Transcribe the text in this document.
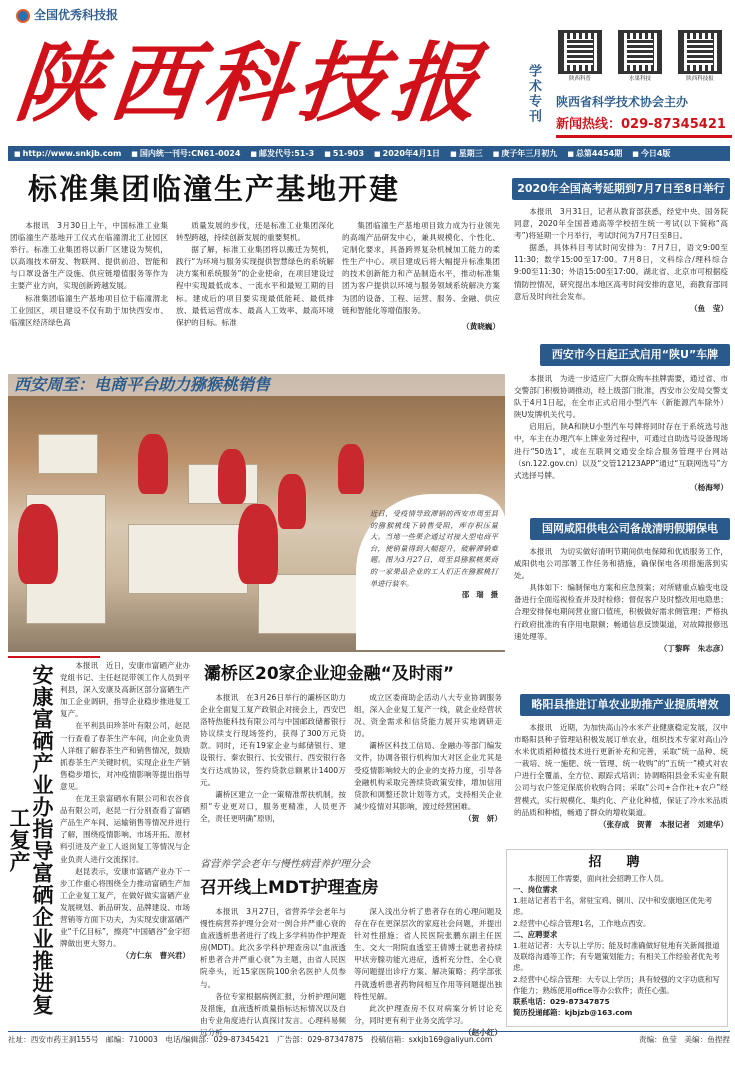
全国优秀科技报
陕西科技报	学术专刊	陕西科普	水果科技	陕西科技报
陕西省科学技术协会主办
新闻热线：029-87345421
■ http://www.snkjb.com	■ 国内统一刊号:CN61-0024	■ 邮发代号:51-3	■ 51-903	■ 2020年4月1日	■ 星期三	■ 庚子年三月初九	■ 总第4454期	■ 今日4版
标准集团临潼生产基地开建

本报讯　3月30日上午，中国标准工业集团临潼生产基地开工仪式在临潼渭北工业园区举行。标准工业集团将以新厂区建设为契机，以高端技术研发、物联网、提供前沿、智能和与口罩设备生产设施、供应链增值服务等作为主要产业方向，实现创新跨越发展。

标准集团临潼生产基地项目位于临潼渭北工业园区，项目建设不仅有助于加快西安市、临潼区经济绿色高

质量发展的步伐，还是标准工业集团深化转型跨越，持续创新发展的重要契机。

据了解，标准工业集团将以搬迁为契机，践行“为环境与服务实现提供智慧绿色的系统解决方案和系统服务”的企业使命，在项目建设过程中实现最低成本、一流水平和最短工期的目标。建成后的项目要实现最低能耗、最低排放、最低运营成本、最高人工效率、最高环境保护的目标。标准

集团临潼生产基地项目致力成为行业领先的高端产品研发中心，兼具规模化、个性化、定制化要求，具备跨界复杂机械加工能力的柔性生产中心。项目建成后将大幅提升标准集团的技术创新能力和产品制造水平，推动标准集团为客户提供以环境与服务领域系统解决方案为团的设备、工程、运营、服务、金融、供应链和智能化等增值服务。

（黄晓巍）
西安周至：电商平台助力猕猴桃销售
近日，受疫情导致滞销的西安市周至县的猕猴桃线下销售受阻，库存积压量大。当地一些果企通过对接大型电商平台，使销量得到大幅提升，破解滞销难题。图为3月27日，周至县猕猴桃果商的一家果品企业的工人们正在猕猴桃打单进行装车。
邵　瑞　摄
2020年全国高考延期到7月7日至8日举行

本报讯　3月31日，记者从教育部获悉，经党中央、国务院同意，2020年全国普通高等学校招生统一考试(以下简称“高考”)将延期一个月举行，考试时间为7月7日至8日。

据悉，具体科目考试时间安排为：7月7日，语文9:00至11:30；数学15:00至17:00。7月8日，文科综合/理科综合9:00至11:30；外语15:00至17:00。湖北省、北京市可根据疫情防控情况，研究提出本地区高考时间安排的意见，商教育部同意后及时向社会发布。

（鱼　莹）
西安市今日起正式启用“陕U”车牌

本报讯　为进一步适应广大群众购车挂牌需要，通过省、市交警部门积极协调推动，经上级部门批准，西安市公安局交警支队于4月1日起，在全市正式启用小型汽车（新能源汽车除外）陕U发牌机关代号。

启用后，陕A和陕U小型汽车号牌将同时存在于系统选号池中，车主在办理汽车上牌业务过程中，可通过自助选号设备现场进行“50选1”，或在互联网交通安全综合服务管理平台网站（sn.122.gov.cn）以及“交管12123APP”通过“互联网选号”方式选择号牌。

（杨海琴）
国网咸阳供电公司备战清明假期保电

本报讯　为切实做好清明节期间供电保障和优质服务工作，咸阳供电公司部署工作任务和措施，确保保电各项措施落到实处。

具体如下：编制保电方案和应急预案；对所辖重点输变电设备进行全面巡视检查并及时检修；督促客户及时整改用电隐患；合理安排保电期间营业窗口值班，积极做好需求侧管理；严格执行政府批准的有序用电限额；畅通信息反馈渠道，对故障报修迅速处理等。

（丁黎晖　朱志彦）
略阳县推进订单农业助推产业提质增效

本报讯　近期，为加快高山冷水米产业健康稳定发展，汉中市略阳县种子管理站积极发展订单农业，组织技术专家对高山冷水米优质稻种植技术进行更新补充和完善，采取“统一品种、统一栽培、统一施肥、统一管理、统一收购”的“五统一”模式对农户进行全覆盖、全方位、跟踪式培训；协调略阳县金禾实业有限公司与农户签定保底价收购合同；采取“公司+合作社+农户”经营模式，实行规模化、集约化、产业化种植，保证了冷水米品质的品质和种植，畅通了群众的增收渠道。

（张存成　贺菁　本报记者　刘建华）
安康富硒产业办指导富硒企业推进复工复产

本报讯　近日，安康市富硒产业办党组书记、主任赵昆带领工作人员到平利县，深入安康及高新区部分富硒生产加工企业调研，指导企业稳步推进复工复产。

在平利县田珍茶叶有限公司，赵昆一行查看了春茶生产车间，向企业负责人详细了解春茶生产和销售情况，鼓励抓春茶生产关键时机，实现企业生产销售稳步增长，对冲疫情影响等提出指导意见。

在龙王泉富硒水有限公司和农谷食品有限公司，赵昆一行分别查看了富硒产品生产车间、运输销售等情况并进行了解，围绕疫情影响、市场开拓、原材料引进及产业工人返岗复工等情况与企业负责人进行交流探讨。

赵昆表示，安康市富硒产业办下一步工作重心将围绕全力推动富硒生产加工企业复工复产，在做好做实富硒产业发展规划、新品研发、品牌建设、市场营销等方面下功夫，为实现安康富硒产业“千亿目标”，擦亮“中国硒谷”金字招牌做出更大努力。

（方仁东　曹兴君）
灞桥区20家企业迎金融“及时雨”

本报讯　在3月26日举行的灞桥区助力企业全面复工复产政银企对接会上，西安巴洛特热能科技有限公司与中国邮政储蓄银行协议续支行现场签约，获得了300万元贷款。同时，还有19家企业与邮储银行、建设银行、秦农银行、长安银行、西安银行各支行达成协议，签约贷款总额累计1400万元。

灞桥区建立一企一策精准帮扶机制，按照“专业更对口，服务更精准，人员更齐全，责任更明确”原则，

成立区委商助企活动八大专业协调服务组，深入企业复工复产一线，就企业经营状况、资金需求和信贷能力展开实地调研走访。

灞桥区科技工信局、金融办等部门编发文件，协调各银行机构加大对区企业尤其是受疫情影响较大的企业的支持力度，引导各金融机构采取完善续贷政策安排，增加信用贷款和调整还款计划等方式，支持相关企业减少疫情对其影响，渡过经营困难。

（贺　妍）
省营养学会老年与慢性病营养护理分会
召开线上MDT护理查房

本报讯　3月27日，省营养学会老年与慢性病营养护理分会对一例合并严重心衰的血液透析患者进行了线上多学科协作护理查房(MDT)。此次多学科护理查房以“血液透析患者合并严重心衰”为主题，由省人民医院牵头，近15家医院100余名医护人员参与。

各位专家根据病例汇报，分析护理问题及措施，血液透析质量指标达标情况以及自由专业角度进行认真探讨发言。心理科易频远分析

深入浅出分析了患者存在的心理问题及存在存在更深层次的家庭社会问题，并提出针对性措施；省人民医院张鹏东副主任医生、交大一附院血透室王倩博士就患者持续甲状旁腺功能亢进症，透析充分性、全心衰等问题提出诊疗方案、解决策略；药学部张丹就透析患者药物间相互作用等问题提出独特性见解。

此次护理查房不仅对病案分析讨论充分，同时更有利于业务交流学习。

（赵小红）
招　聘

本报因工作需要，面向社会招聘工作人员。

一、岗位需求

1.驻站记者若干名，常驻宝鸡、铜川、汉中和安康地区优先考虑。

2.经营中心综合管理1名，工作地点西安。

二、应聘要求

1.驻站记者：大专以上学历；能及时准确做好驻地有关新闻报道及联络沟通等工作；有专题策划能力；有相关工作经验者优先考虑。

2.经营中心综合管理：大专以上学历；具有较强的文字功底和写作能力；熟练使用office等办公软件；责任心强。

联系电话：029-87347875

简历投递邮箱：kjbjzb@163.com

社址：西安市药王洞155号　邮编：710003　电话/编辑部：029-87345421　广告部：029-87347875　投稿信箱：sxkjb169@aliyun.com	责编：鱼莹　美编：鱼捏捏
